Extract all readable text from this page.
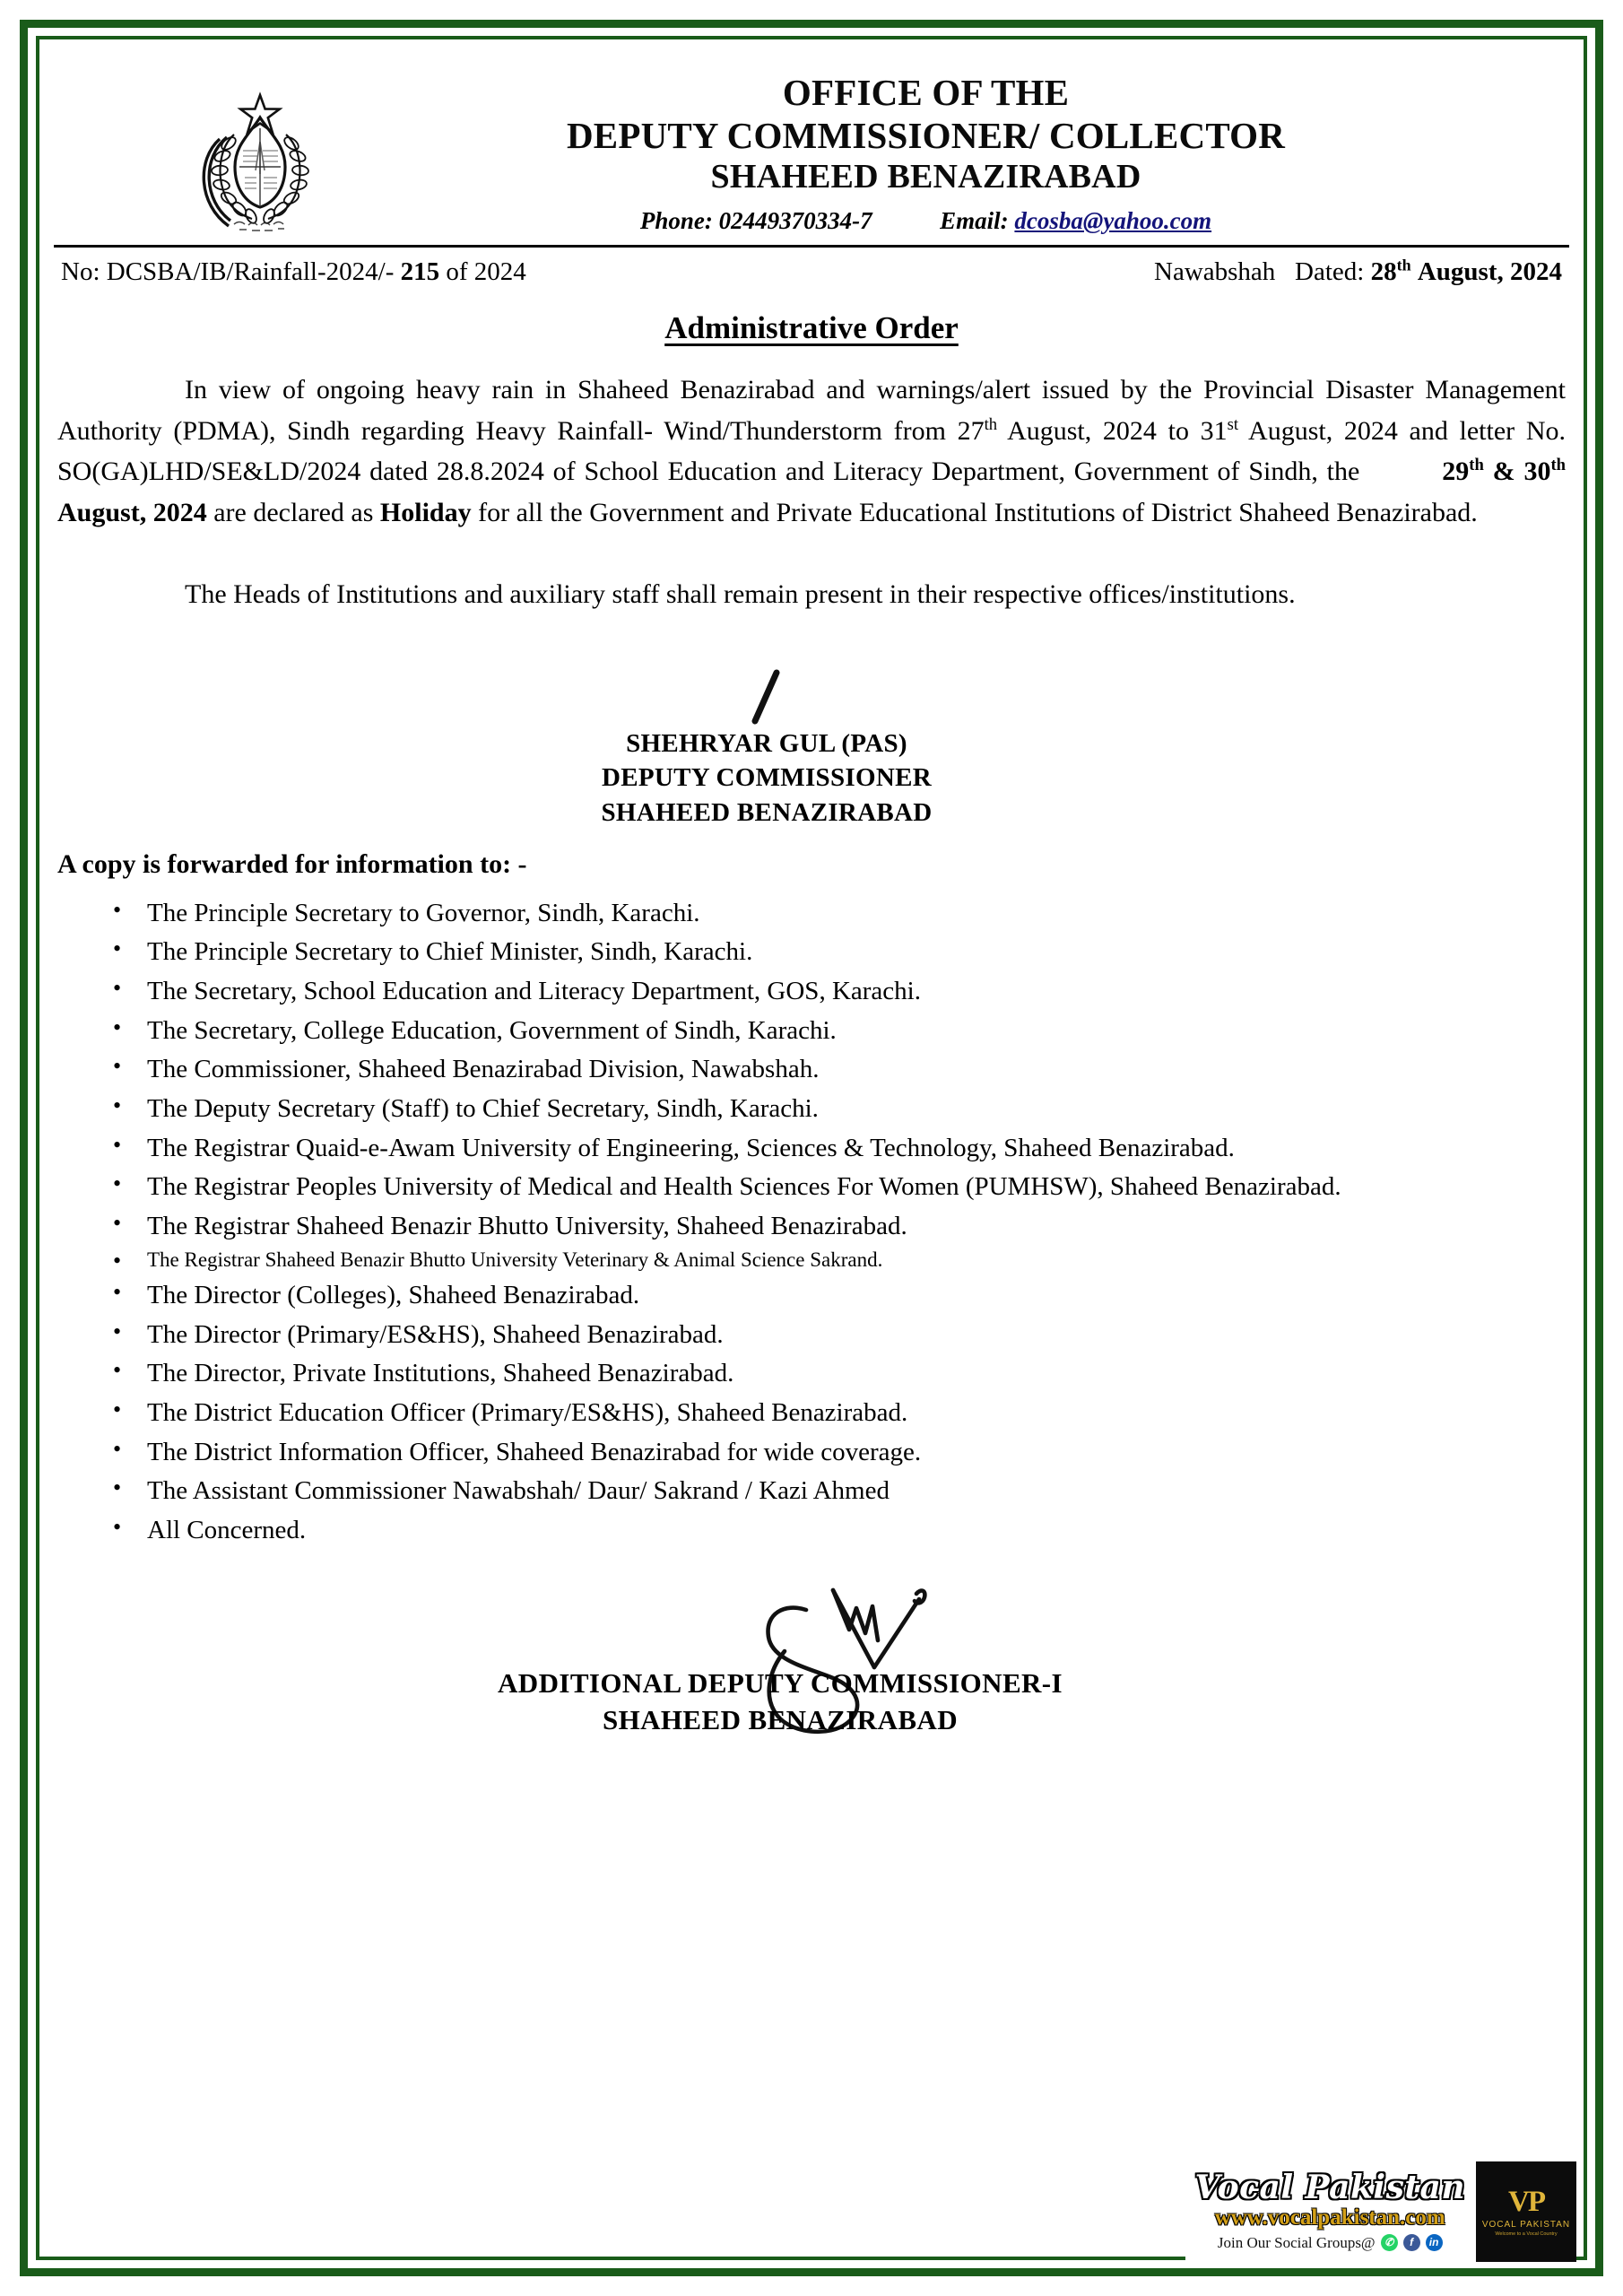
OFFICE OF THE
DEPUTY COMMISSIONER/ COLLECTOR
SHAHEED BENAZIRABAD
Phone: 02449370334-7	Email: dcosba@yahoo.com
No: DCSBA/IB/Rainfall-2024/- 215 of 2024	Nawabshah Dated: 28th August, 2024
Administrative Order
In view of ongoing heavy rain in Shaheed Benazirabad and warnings/alert issued by the Provincial Disaster Management Authority (PDMA), Sindh regarding Heavy Rainfall- Wind/Thunderstorm from 27th August, 2024 to 31st August, 2024 and letter No. SO(GA)LHD/SE&LD/2024 dated 28.8.2024 of School Education and Literacy Department, Government of Sindh, the	29th & 30th August, 2024 are declared as Holiday for all the Government and Private Educational Institutions of District Shaheed Benazirabad.
The Heads of Institutions and auxiliary staff shall remain present in their respective offices/institutions.
SHEHRYAR GUL (PAS)
DEPUTY COMMISSIONER
SHAHEED BENAZIRABAD
A copy is forwarded for information to: -
• The Principle Secretary to Governor, Sindh, Karachi.
• The Principle Secretary to Chief Minister, Sindh, Karachi.
• The Secretary, School Education and Literacy Department, GOS, Karachi.
• The Secretary, College Education, Government of Sindh, Karachi.
• The Commissioner, Shaheed Benazirabad Division, Nawabshah.
• The Deputy Secretary (Staff) to Chief Secretary, Sindh, Karachi.
• The Registrar Quaid-e-Awam University of Engineering, Sciences & Technology, Shaheed Benazirabad.
• The Registrar Peoples University of Medical and Health Sciences For Women (PUMHSW), Shaheed Benazirabad.
• The Registrar Shaheed Benazir Bhutto University, Shaheed Benazirabad.
• The Registrar Shaheed Benazir Bhutto University Veterinary & Animal Science Sakrand.
• The Director (Colleges), Shaheed Benazirabad.
• The Director (Primary/ES&HS), Shaheed Benazirabad.
• The Director, Private Institutions, Shaheed Benazirabad.
• The District Education Officer (Primary/ES&HS), Shaheed Benazirabad.
• The District Information Officer, Shaheed Benazirabad for wide coverage.
• The Assistant Commissioner Nawabshah/ Daur/ Sakrand / Kazi Ahmed
• All Concerned.
ADDITIONAL DEPUTY COMMISSIONER-I
SHAHEED BENAZIRABAD
Vocal Pakistan
www.vocalpakistan.com
Join Our Social Groups@ ✆	f	in
VP
VOCAL PAKISTAN
Welcome to a Vocal Country
